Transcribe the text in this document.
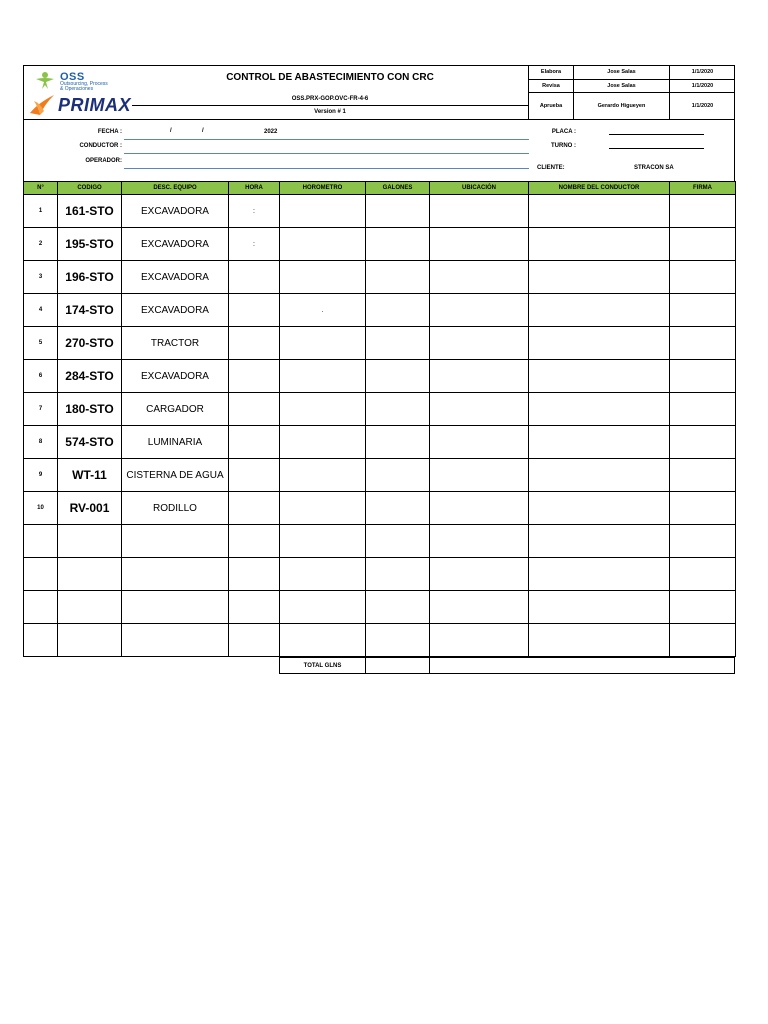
OSS
Outsourcing, Process
& Operaciones
PRIMAX
CONTROL DE ABASTECIMIENTO CON CRC
OSS.PRX-GOP.OVC-FR-4-6
Version # 1
Elabora	Jose Salas	1/1/2020
Revisa	Jose Salas	1/1/2020
Aprueba	Gerardo Higueyen	1/1/2020
FECHA :	/	/	2022
CONDUCTOR :
OPERADOR:
PLACA :
TURNO :
CLIENTE:	STRACON SA
N°	CODIGO	DESC. EQUIPO	HORA	HOROMETRO	GALONES	UBICACIÓN	NOMBRE DEL CONDUCTOR	FIRMA
1	161-STO	EXCAVADORA	:					
2	195-STO	EXCAVADORA	:					
3	196-STO	EXCAVADORA						
4	174-STO	EXCAVADORA		.				
5	270-STO	TRACTOR						
6	284-STO	EXCAVADORA						
7	180-STO	CARGADOR						
8	574-STO	LUMINARIA						
9	WT-11	CISTERNA DE AGUA						
10	RV-001	RODILLO						

TOTAL GLNS		
